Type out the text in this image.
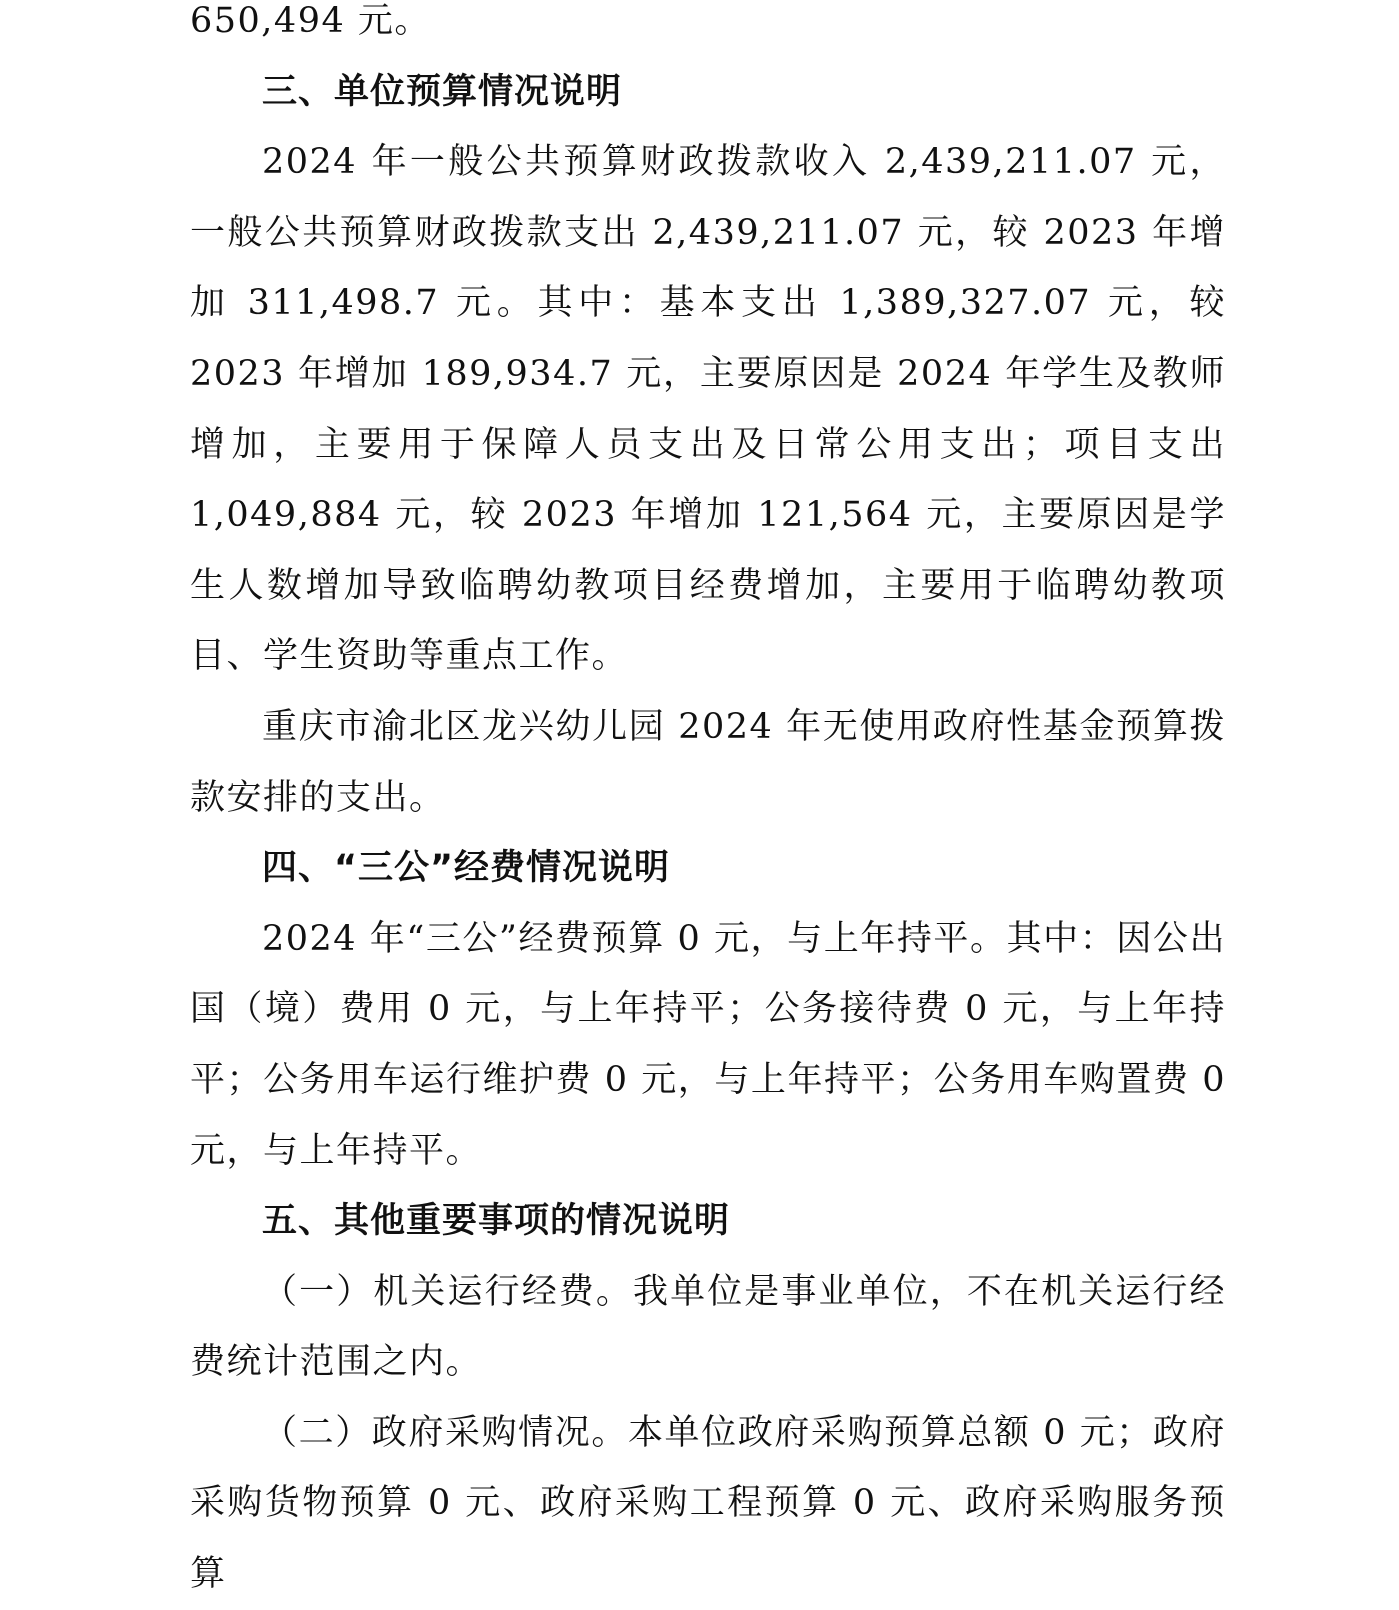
650,494 元。

三、单位预算情况说明

2024 年一般公共预算财政拨款收入 2,439,211.07 元，一般公共预算财政拨款支出 2,439,211.07 元，较 2023 年增加 311,498.7 元。其中：基本支出 1,389,327.07 元，较 2023 年增加 189,934.7 元，主要原因是 2024 年学生及教师增加，主要用于保障人员支出及日常公用支出；项目支出 1,049,884 元，较 2023 年增加 121,564 元，主要原因是学生人数增加导致临聘幼教项目经费增加，主要用于临聘幼教项目、学生资助等重点工作。

重庆市渝北区龙兴幼儿园 2024 年无使用政府性基金预算拨款安排的支出。

四、“三公”经费情况说明

2024 年“三公”经费预算 0 元，与上年持平。其中：因公出国（境）费用 0 元，与上年持平；公务接待费 0 元，与上年持平；公务用车运行维护费 0 元，与上年持平；公务用车购置费 0 元，与上年持平。

五、其他重要事项的情况说明

（一）机关运行经费。我单位是事业单位，不在机关运行经费统计范围之内。

（二）政府采购情况。本单位政府采购预算总额 0 元；政府采购货物预算 0 元、政府采购工程预算 0 元、政府采购服务预算
